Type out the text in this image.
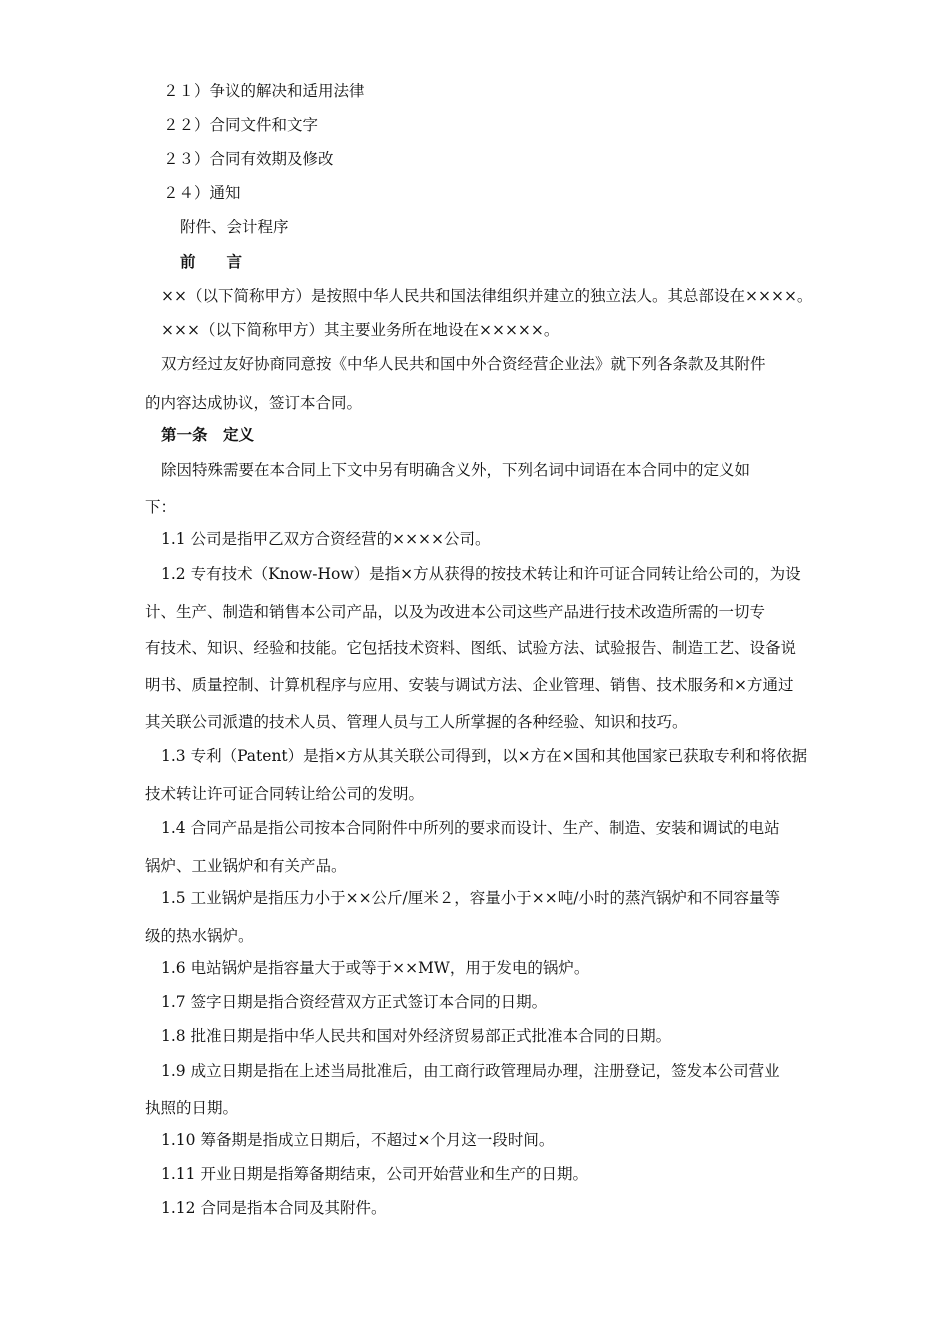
２１）争议的解决和适用法律
２２）合同文件和文字
２３）合同有效期及修改
２４）通知
附件、会计程序
前　　言
××（以下简称甲方）是按照中华人民共和国法律组织并建立的独立法人。其总部设在××××。
×××（以下简称甲方）其主要业务所在地设在×××××。
双方经过友好协商同意按《中华人民共和国中外合资经营企业法》就下列各条款及其附件
的内容达成协议，签订本合同。
第一条　定义
除因特殊需要在本合同上下文中另有明确含义外，下列名词中词语在本合同中的定义如
下：
1.1 公司是指甲乙双方合资经营的××××公司。
1.2 专有技术（Know-How）是指×方从获得的按技术转让和许可证合同转让给公司的，为设
计、生产、制造和销售本公司产品，以及为改进本公司这些产品进行技术改造所需的一切专
有技术、知识、经验和技能。它包括技术资料、图纸、试验方法、试验报告、制造工艺、设备说
明书、质量控制、计算机程序与应用、安装与调试方法、企业管理、销售、技术服务和×方通过
其关联公司派遣的技术人员、管理人员与工人所掌握的各种经验、知识和技巧。
1.3 专利（Patent）是指×方从其关联公司得到，以×方在×国和其他国家已获取专利和将依据
技术转让许可证合同转让给公司的发明。
1.4 合同产品是指公司按本合同附件中所列的要求而设计、生产、制造、安装和调试的电站
锅炉、工业锅炉和有关产品。
1.5 工业锅炉是指压力小于××公斤/厘米２，容量小于××吨/小时的蒸汽锅炉和不同容量等
级的热水锅炉。
1.6 电站锅炉是指容量大于或等于××MW，用于发电的锅炉。
1.7 签字日期是指合资经营双方正式签订本合同的日期。
1.8 批准日期是指中华人民共和国对外经济贸易部正式批准本合同的日期。
1.9 成立日期是指在上述当局批准后，由工商行政管理局办理，注册登记，签发本公司营业
执照的日期。
1.10 筹备期是指成立日期后，不超过×个月这一段时间。
1.11 开业日期是指筹备期结束，公司开始营业和生产的日期。
1.12 合同是指本合同及其附件。
